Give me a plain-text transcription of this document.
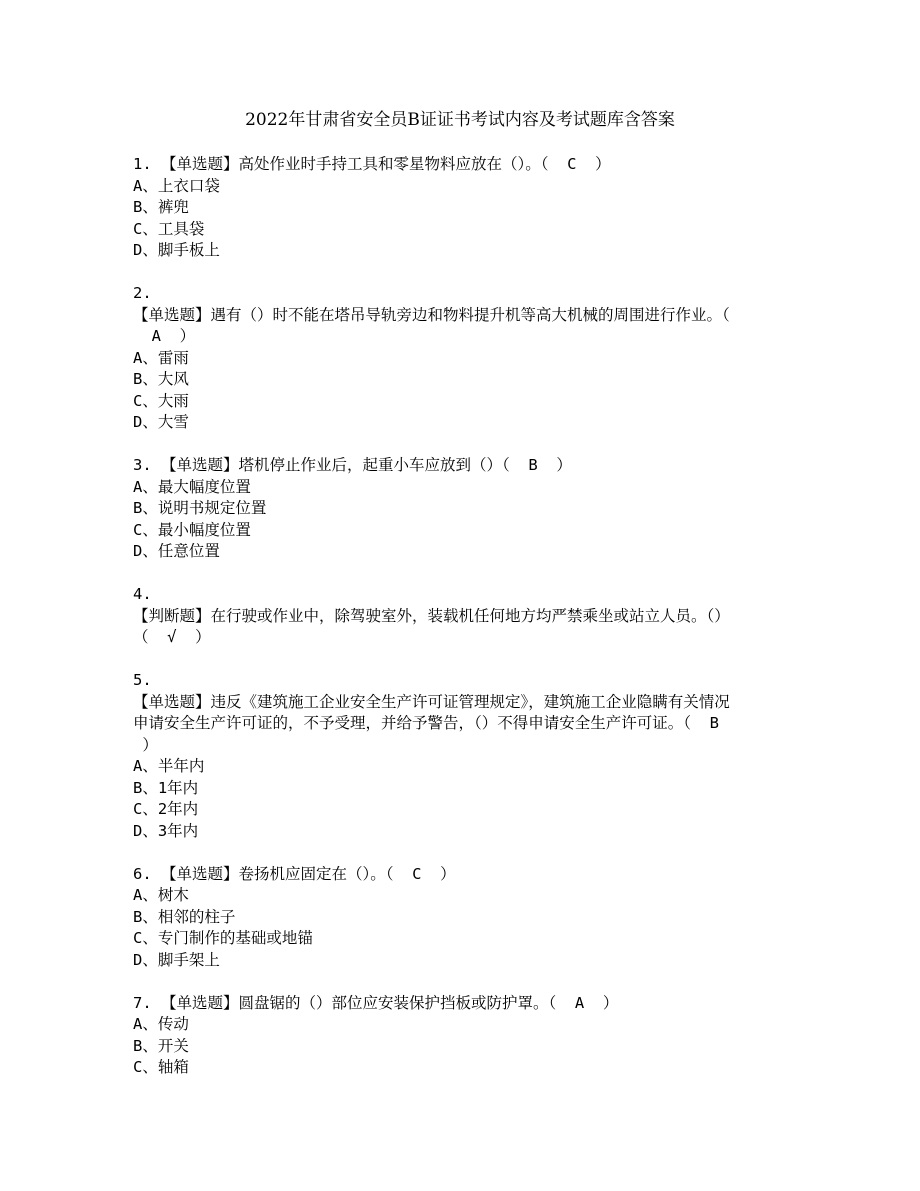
2022年甘肃省安全员B证证书考试内容及考试题库含答案
1. 【单选题】高处作业时手持工具和零星物料应放在（）。（  C  ）
A、上衣口袋
B、裤兜
C、工具袋
D、脚手板上
2.
【单选题】遇有（）时不能在塔吊导轨旁边和物料提升机等高大机械的周围进行作业。（
A  ）
A、雷雨
B、大风
C、大雨
D、大雪
3. 【单选题】塔机停止作业后，起重小车应放到（）（  B  ）
A、最大幅度位置
B、说明书规定位置
C、最小幅度位置
D、任意位置
4.
【判断题】在行驶或作业中，除驾驶室外，装载机任何地方均严禁乘坐或站立人员。（）
（  √  ）
5.
【单选题】违反《建筑施工企业安全生产许可证管理规定》，建筑施工企业隐瞒有关情况
申请安全生产许可证的，不予受理，并给予警告，（）不得申请安全生产许可证。（  B
）
A、半年内
B、1年内
C、2年内
D、3年内
6. 【单选题】卷扬机应固定在（）。（  C  ）
A、树木
B、相邻的柱子
C、专门制作的基础或地锚
D、脚手架上
7. 【单选题】圆盘锯的（）部位应安装保护挡板或防护罩。（  A  ）
A、传动
B、开关
C、轴箱
